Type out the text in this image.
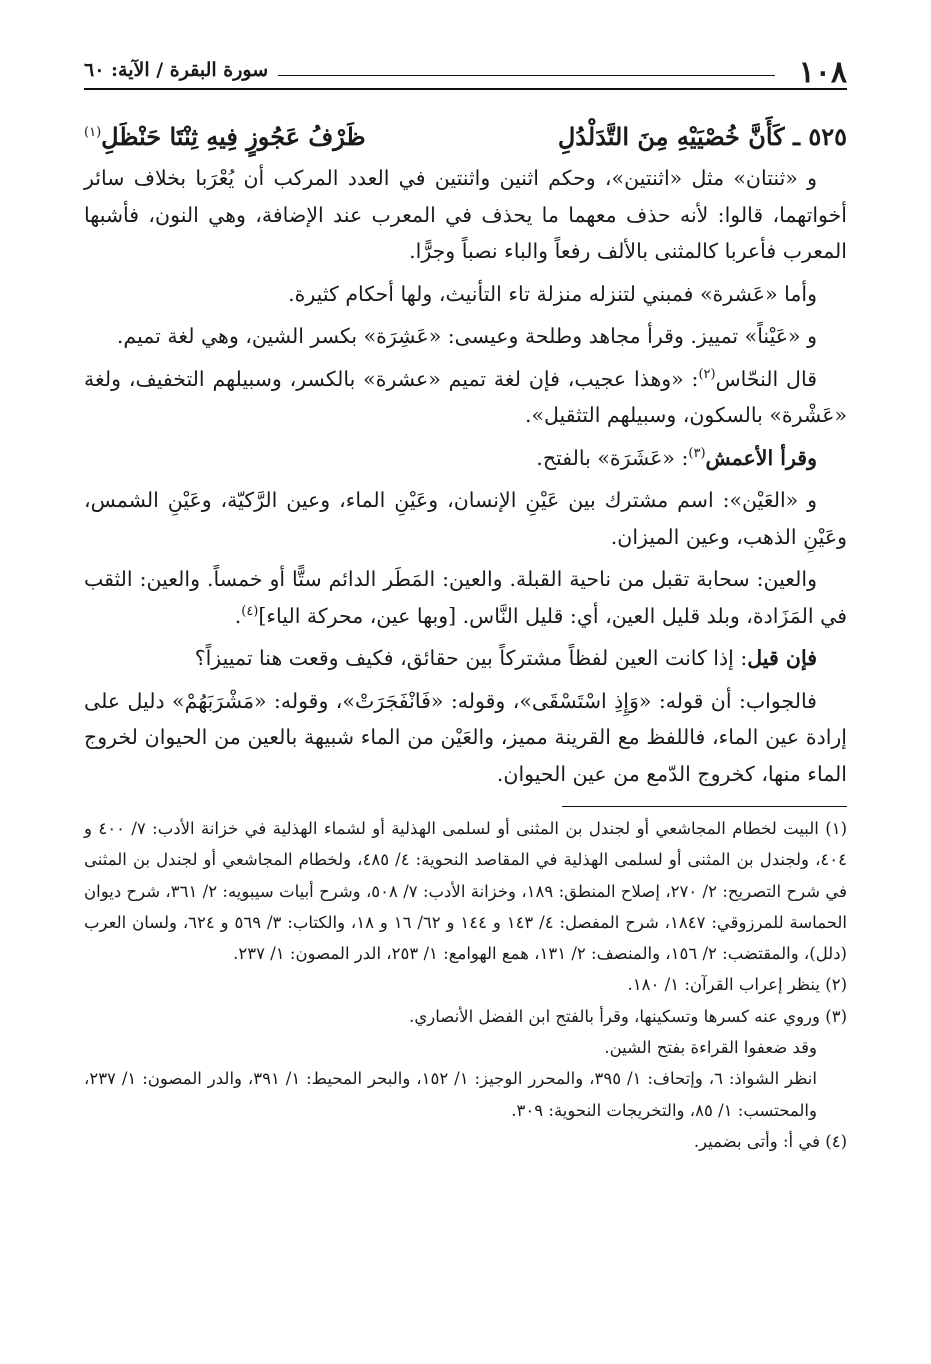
١٠٨
سورة البقرة / الآية: ٦٠
٥٢٥ ـ كَأَنَّ خُصْيَيْهِ مِنَ التَّدَلْدُلِ
ظَرْفُ عَجُوزٍ فِيهِ ثِنْتَا حَنْظَلِ$^{(١)}$

و «ثنتان» مثل «اثنتين»، وحكم اثنين واثنتين في العدد المركب أن يُعْرَبا بخلاف سائر أخواتهما، قالوا: لأنه حذف معهما ما يحذف في المعرب عند الإضافة، وهي النون، فأشبها المعرب فأعربا كالمثنى بالألف رفعاً والباء نصباً وجرًّا.

وأما «عَشرة» فمبني لتنزله منزلة تاء التأنيث، ولها أحكام كثيرة.

و «عَيْناً» تمييز. وقرأ مجاهد وطلحة وعيسى: «عَشِرَة» بكسر الشين، وهي لغة تميم.

قال النحّاس$^{(٢)}$: «وهذا عجيب، فإن لغة تميم «عشرة» بالكسر، وسبيلهم التخفيف، ولغة «عَشْرة» بالسكون، وسبيلهم التثقيل».

وقرأ الأعمش$^{(٣)}$: «عَشَرَة» بالفتح.

و «العَيْن»: اسم مشترك بين عَيْنِ الإنسان، وعَيْنِ الماء، وعين الرَّكيّة، وعَيْنِ الشمس، وعَيْنِ الذهب، وعين الميزان.

والعين: سحابة تقبل من ناحية القبلة. والعين: المَطَر الدائم ستًّا أو خمساً. والعين: الثقب في المَزَادة، وبلد قليل العين، أي: قليل النَّاس. [وبها عين، محركة الياء]$^{(٤)}$.

فإن قيل: إذا كانت العين لفظاً مشتركاً بين حقائق، فكيف وقعت هنا تمييزاً؟

فالجواب: أن قوله: «وَإِذِ اسْتَسْقَى»، وقوله: «فَانْفَجَرَتْ»، وقوله: «مَشْرَبَهُمْ» دليل على إرادة عين الماء، فاللفظ مع القرينة مميز، والعَيْن من الماء شبيهة بالعين من الحيوان لخروج الماء منها، كخروج الدّمع من عين الحيوان.

(١) البيت لخطام المجاشعي أو لجندل بن المثنى أو لسلمى الهذلية أو لشماء الهذلية في خزانة الأدب: ٧/ ٤٠٠ و ٤٠٤، ولجندل بن المثنى أو لسلمى الهذلية في المقاصد النحوية: ٤/ ٤٨٥، ولخطام المجاشعي أو لجندل بن المثنى في شرح التصريح: ٢/ ٢٧٠، إصلاح المنطق: ١٨٩، وخزانة الأدب: ٧/ ٥٠٨، وشرح أبيات سيبويه: ٢/ ٣٦١، شرح ديوان الحماسة للمرزوقي: ١٨٤٧، شرح المفصل: ٤/ ١٤٣ و ١٤٤ و ٦٢/ ١٦ و ١٨، والكتاب: ٣/ ٥٦٩ و ٦٢٤، ولسان العرب (دلل)، والمقتضب: ٢/ ١٥٦، والمنصف: ٢/ ١٣١، همع الهوامع: ١/ ٢٥٣، الدر المصون: ١/ ٢٣٧.

(٢) ينظر إعراب القرآن: ١/ ١٨٠.

(٣) وروي عنه كسرها وتسكينها، وقرأ بالفتح ابن الفضل الأنصاري.

وقد ضعفوا القراءة بفتح الشين.

انظر الشواذ: ٦، وإتحاف: ١/ ٣٩٥، والمحرر الوجيز: ١/ ١٥٢، والبحر المحيط: ١/ ٣٩١، والدر المصون: ١/ ٢٣٧، والمحتسب: ١/ ٨٥، والتخريجات النحوية: ٣٠٩.

(٤) في أ: وأتى بضمير.
